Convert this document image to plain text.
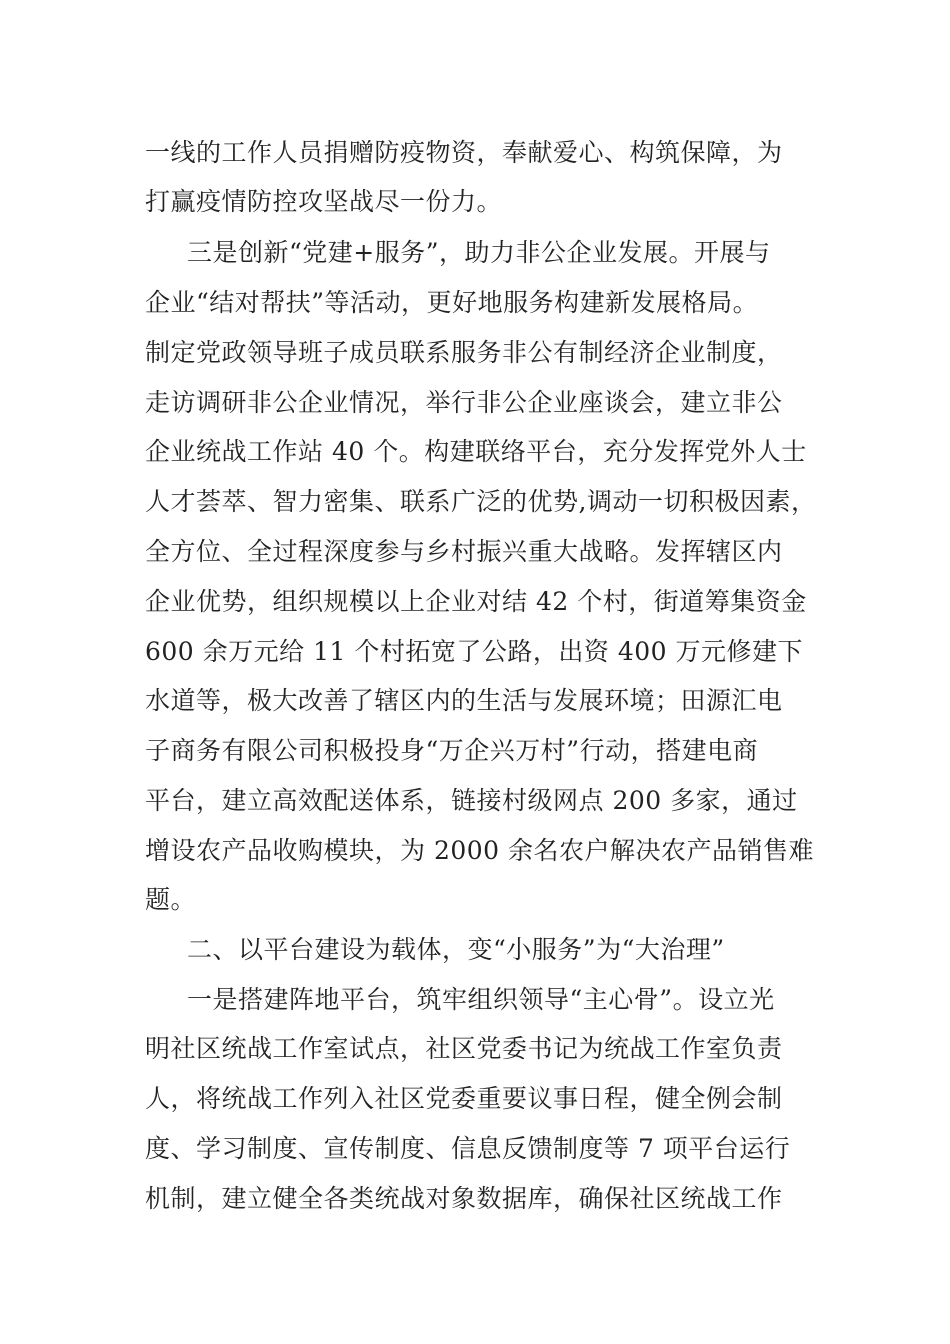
一线的工作人员捐赠防疫物资，奉献爱心、构筑保障，为
打赢疫情防控攻坚战尽一份力。
三是创新“党建+服务”，助力非公企业发展。开展与
企业“结对帮扶”等活动，更好地服务构建新发展格局。
制定党政领导班子成员联系服务非公有制经济企业制度，
走访调研非公企业情况，举行非公企业座谈会，建立非公
企业统战工作站 40 个。构建联络平台，充分发挥党外人士
人才荟萃、智力密集、联系广泛的优势,调动一切积极因素，
全方位、全过程深度参与乡村振兴重大战略。发挥辖区内
企业优势，组织规模以上企业对结 42 个村，街道筹集资金
600 余万元给 11 个村拓宽了公路，出资 400 万元修建下
水道等，极大改善了辖区内的生活与发展环境；田源汇电
子商务有限公司积极投身“万企兴万村”行动，搭建电商
平台，建立高效配送体系，链接村级网点 200 多家，通过
增设农产品收购模块，为 2000 余名农户解决农产品销售难
题。
二、以平台建设为载体，变“小服务”为“大治理”
一是搭建阵地平台，筑牢组织领导“主心骨”。设立光
明社区统战工作室试点，社区党委书记为统战工作室负责
人，将统战工作列入社区党委重要议事日程，健全例会制
度、学习制度、宣传制度、信息反馈制度等 7 项平台运行
机制，建立健全各类统战对象数据库，确保社区统战工作
